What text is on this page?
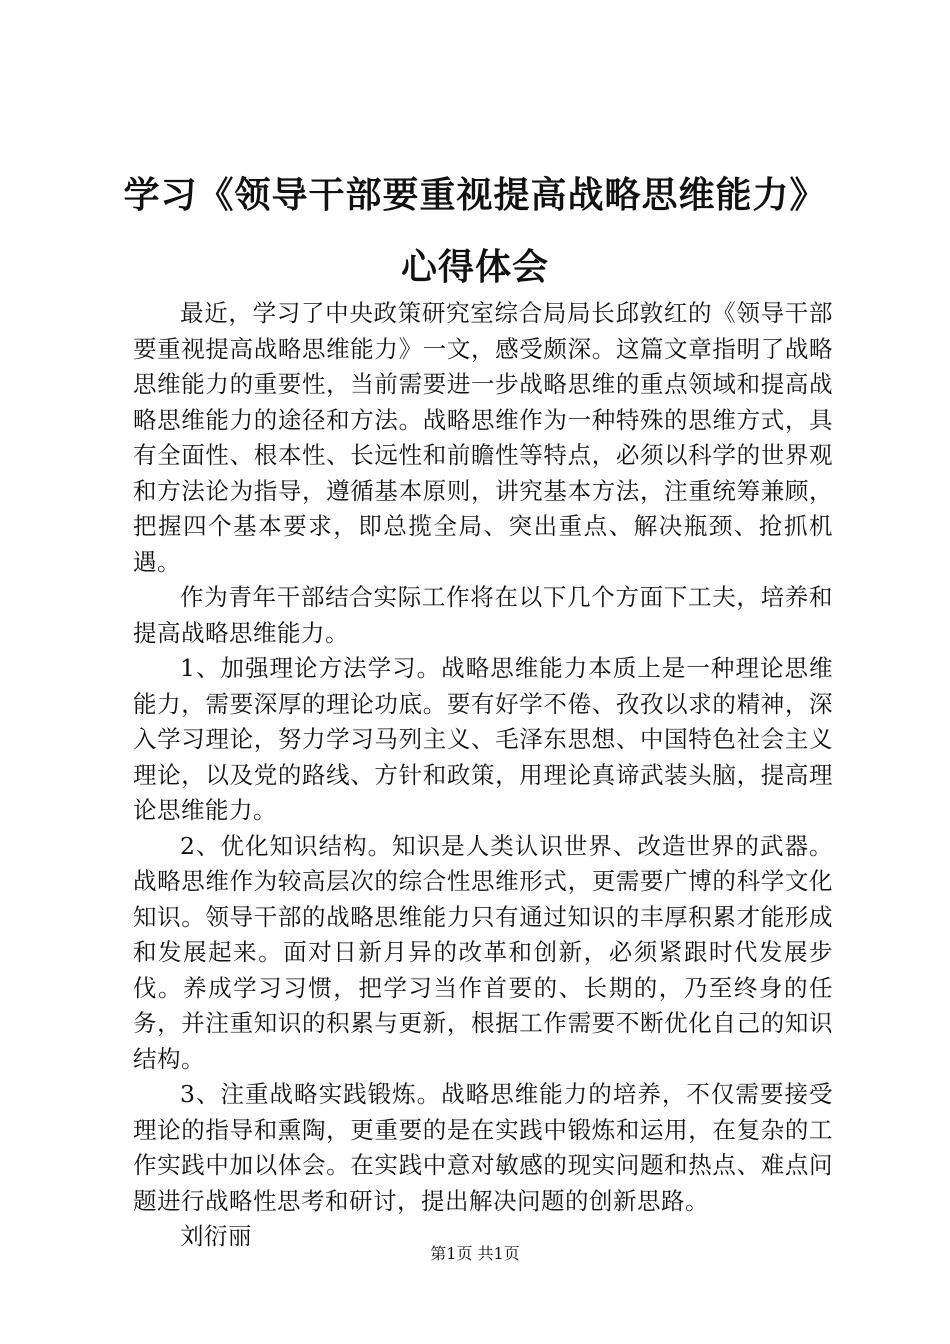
学习《领导干部要重视提高战略思维能力》心得体会

最近，学习了中央政策研究室综合局局长邱敦红的《领导干部要重视提高战略思维能力》一文，感受颇深。这篇文章指明了战略思维能力的重要性，当前需要进一步战略思维的重点领域和提高战略思维能力的途径和方法。战略思维作为一种特殊的思维方式，具有全面性、根本性、长远性和前瞻性等特点，必须以科学的世界观和方法论为指导，遵循基本原则，讲究基本方法，注重统筹兼顾，把握四个基本要求，即总揽全局、突出重点、解决瓶颈、抢抓机遇。

作为青年干部结合实际工作将在以下几个方面下工夫，培养和提高战略思维能力。

1、加强理论方法学习。战略思维能力本质上是一种理论思维能力，需要深厚的理论功底。要有好学不倦、孜孜以求的精神，深入学习理论，努力学习马列主义、毛泽东思想、中国特色社会主义理论，以及党的路线、方针和政策，用理论真谛武装头脑，提高理论思维能力。

2、优化知识结构。知识是人类认识世界、改造世界的武器。战略思维作为较高层次的综合性思维形式，更需要广博的科学文化知识。领导干部的战略思维能力只有通过知识的丰厚积累才能形成和发展起来。面对日新月异的改革和创新，必须紧跟时代发展步伐。养成学习习惯，把学习当作首要的、长期的，乃至终身的任务，并注重知识的积累与更新，根据工作需要不断优化自己的知识结构。

3、注重战略实践锻炼。战略思维能力的培养，不仅需要接受理论的指导和熏陶，更重要的是在实践中锻炼和运用，在复杂的工作实践中加以体会。在实践中意对敏感的现实问题和热点、难点问题进行战略性思考和研讨，提出解决问题的创新思路。

刘衍丽

第1页 共1页
